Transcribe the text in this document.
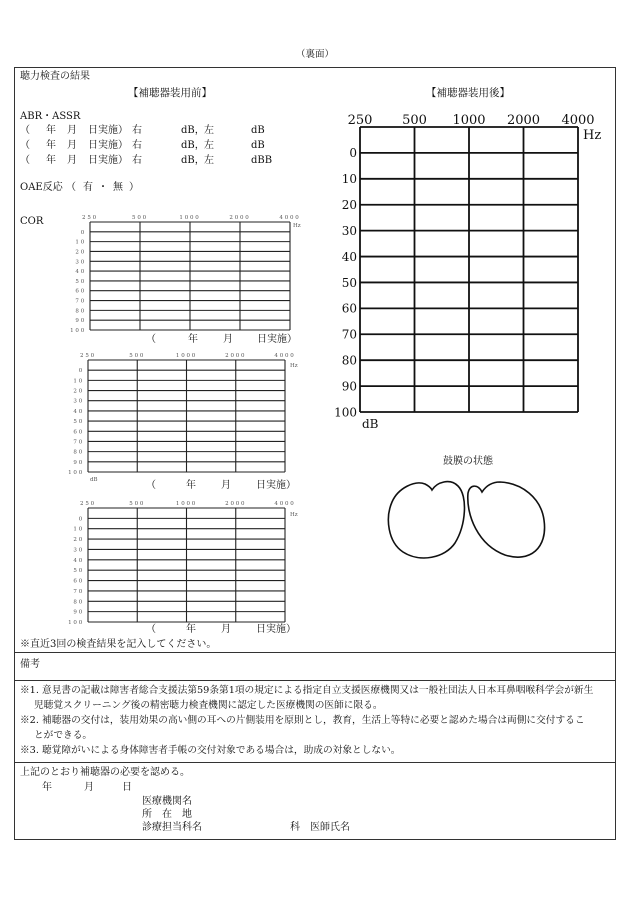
250	500	1000	2000	4000
0
10
20
30
40
50
60
70
80
90
100
Hz
250	500	1000	2000	4000
0
10
20
30
40
50
60
70
80
90
100
Hz
dB
250	500	1000	2000	4000
0
10
20
30
40
50
60
70
80
90
100
Hz
250 500 1000 2000 4000
0
10
20
30
40
50
60
70
80
90
100
Hz
dB
（裏面）
聴力検査の結果
【補聴器装用前】	【補聴器装用後】
ABR・ASSR
（ 年 月 日実施） 右	dB， 左	dB
（ 年 月 日実施） 右	dB， 左	dB
（ 年 月 日実施） 右	dB， 左	dBB
OAE反応 （ 有 ・ 無 ）
COR
（	年	月 日実施）
（	年	月	日実施）
（	年	月	日実施）
※直近3回の検査結果を記入してください。
鼓膜の状態
備考
※1. 意見書の記載は障害者総合支援法第59条第1項の規定による指定自立支援医療機関又は一般社団法人日本耳鼻咽喉科学会が新生
児聴覚スクリーニング後の精密聴力検査機関に認定した医療機関の医師に限る。
※2. 補聴器の交付は，装用効果の高い側の耳への片側装用を原則とし，教育，生活上等特に必要と認めた場合は両側に交付するこ
とができる。
※3. 聴覚障がいによる身体障害者手帳の交付対象である場合は，助成の対象としない。
上記のとおり補聴器の必要を認める。
年	月	日
医療機関名
所　在　地
診療担当科名	科　医師氏名
